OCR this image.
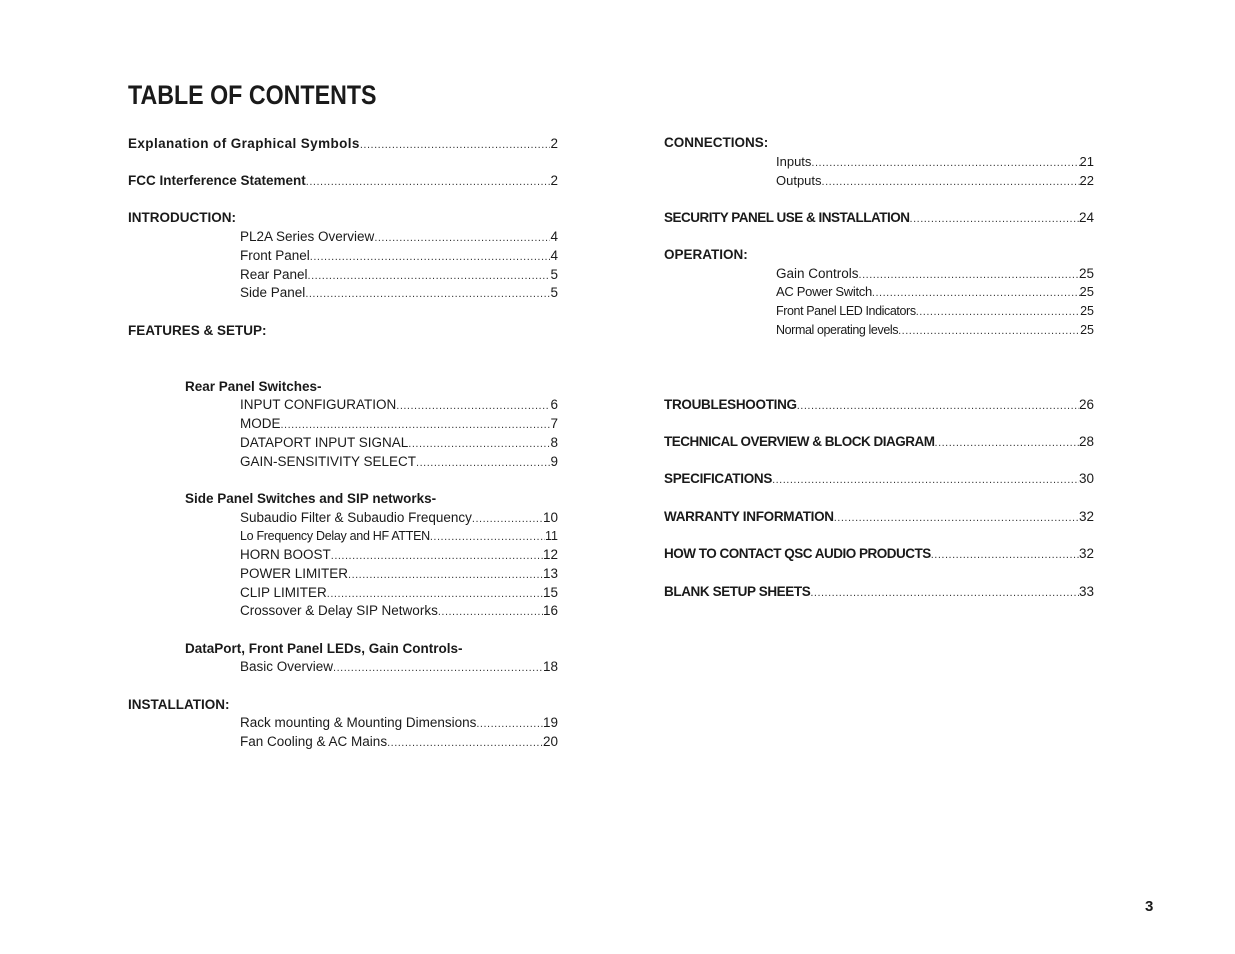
TABLE OF CONTENTS
Explanation of Graphical Symbols .....	2
FCC Interference Statement .....	2
INTRODUCTION:
PL2A Series Overview .....	4
Front Panel .....	4
Rear Panel .....	5
Side Panel .....	5
FEATURES & SETUP:
Rear Panel Switches-
INPUT CONFIGURATION .....	6
MODE .....	7
DATAPORT INPUT SIGNAL .....	8
GAIN-SENSITIVITY SELECT .....	9
Side Panel Switches and SIP networks-
Subaudio Filter & Subaudio Frequency .....	10
Lo Frequency Delay and HF ATTEN .....	11
HORN BOOST .....	12
POWER LIMITER .....	13
CLIP LIMITER .....	15
Crossover & Delay SIP Networks .....	16
DataPort, Front Panel LEDs, Gain Controls-
Basic Overview .....	18
INSTALLATION:
Rack mounting & Mounting Dimensions .....	19
Fan Cooling & AC Mains .....	20
CONNECTIONS:
Inputs .....	21
Outputs .....	22
SECURITY PANEL USE & INSTALLATION .....	24
OPERATION:
Gain Controls .....	25
AC Power Switch .....	25
Front Panel LED Indicators .....	25
Normal operating levels .....	25
TROUBLESHOOTING .....	26
TECHNICAL OVERVIEW & BLOCK DIAGRAM .....	28
SPECIFICATIONS .....	30
WARRANTY INFORMATION .....	32
HOW TO CONTACT QSC AUDIO PRODUCTS .....	32
BLANK SETUP SHEETS .....	33
3
